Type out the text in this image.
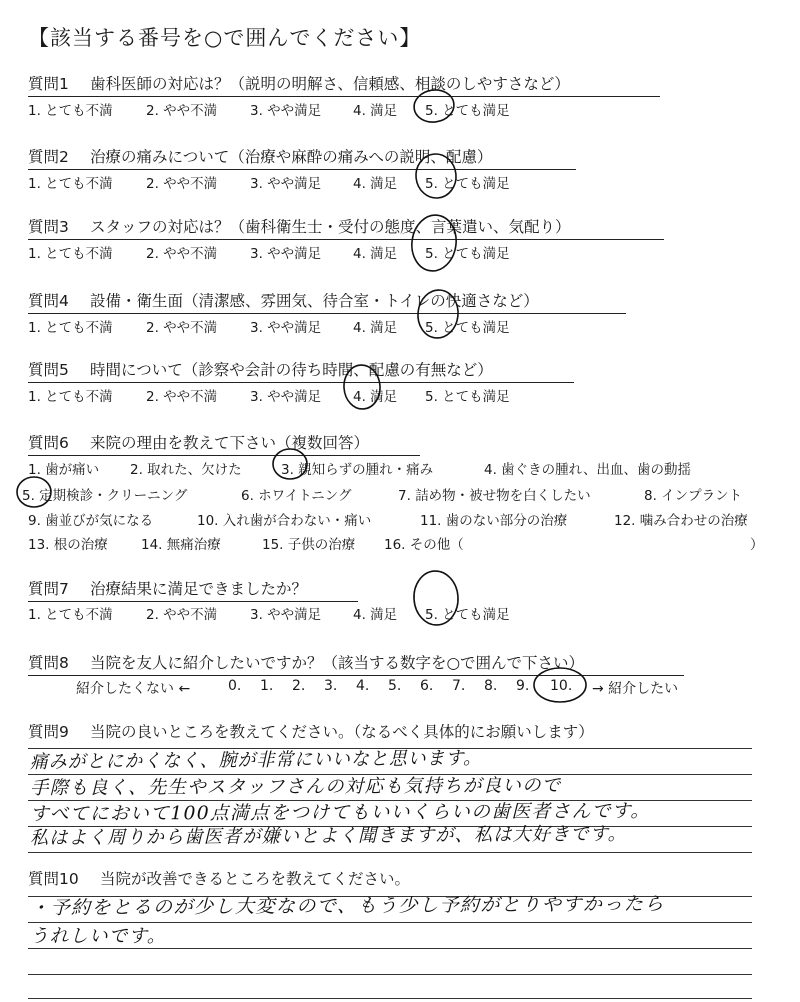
【該当する番号を○で囲んでください】
質問1 歯科医師の対応は？（説明の明解さ、信頼感、相談のしやすさなど）
1. とても不満 2. やや不満 3. やや満足 4. 満足 5. とても満足
質問2 治療の痛みについて（治療や麻酔の痛みへの説明、配慮）
1. とても不満 2. やや不満 3. やや満足 4. 満足 5. とても満足
質問3 スタッフの対応は？（歯科衛生士・受付の態度、言葉遣い、気配り）
1. とても不満 2. やや不満 3. やや満足 4. 満足 5. とても満足
質問4 設備・衛生面（清潔感、雰囲気、待合室・トイレの快適さなど）
1. とても不満 2. やや不満 3. やや満足 4. 満足 5. とても満足
質問5 時間について（診察や会計の待ち時間、配慮の有無など）
1. とても不満 2. やや不満 3. やや満足 4. 満足 5. とても満足
質問6 来院の理由を教えて下さい（複数回答）
1. 歯が痛い 2. 取れた、欠けた	3. 親知らずの腫れ・痛み	4. 歯ぐきの腫れ、出血、歯の動揺
5. 定期検診・クリーニング	6. ホワイトニング	7. 詰め物・被せ物を白くしたい	8. インプラント
9. 歯並びが気になる	10. 入れ歯が合わない・痛い	11. 歯のない部分の治療	12. 噛み合わせの治療
13. 根の治療 14. 無痛治療	15. 子供の治療 16. その他（	）
質問7 治療結果に満足できましたか？
1. とても不満 2. やや不満 3. やや満足 4. 満足 5. とても満足
質問8 当院を友人に紹介したいですか？（該当する数字を○で囲んで下さい）
紹介したくない ←	0. 1. 2. 3. 4. 5. 6. 7. 8. 9. 10. → 紹介したい
質問9 当院の良いところを教えてください。（なるべく具体的にお願いします）
痛みがとにかくなく、腕が非常にいいなと思います。
手際も良く、先生やスタッフさんの対応も気持ちが良いので
すべてにおいて100点満点をつけてもいいくらいの歯医者さんです。
私はよく周りから歯医者が嫌いとよく聞きますが、私は大好きです。
質問10 当院が改善できるところを教えてください。
・予約をとるのが少し大変なので、もう少し予約がとりやすかったら
うれしいです。
